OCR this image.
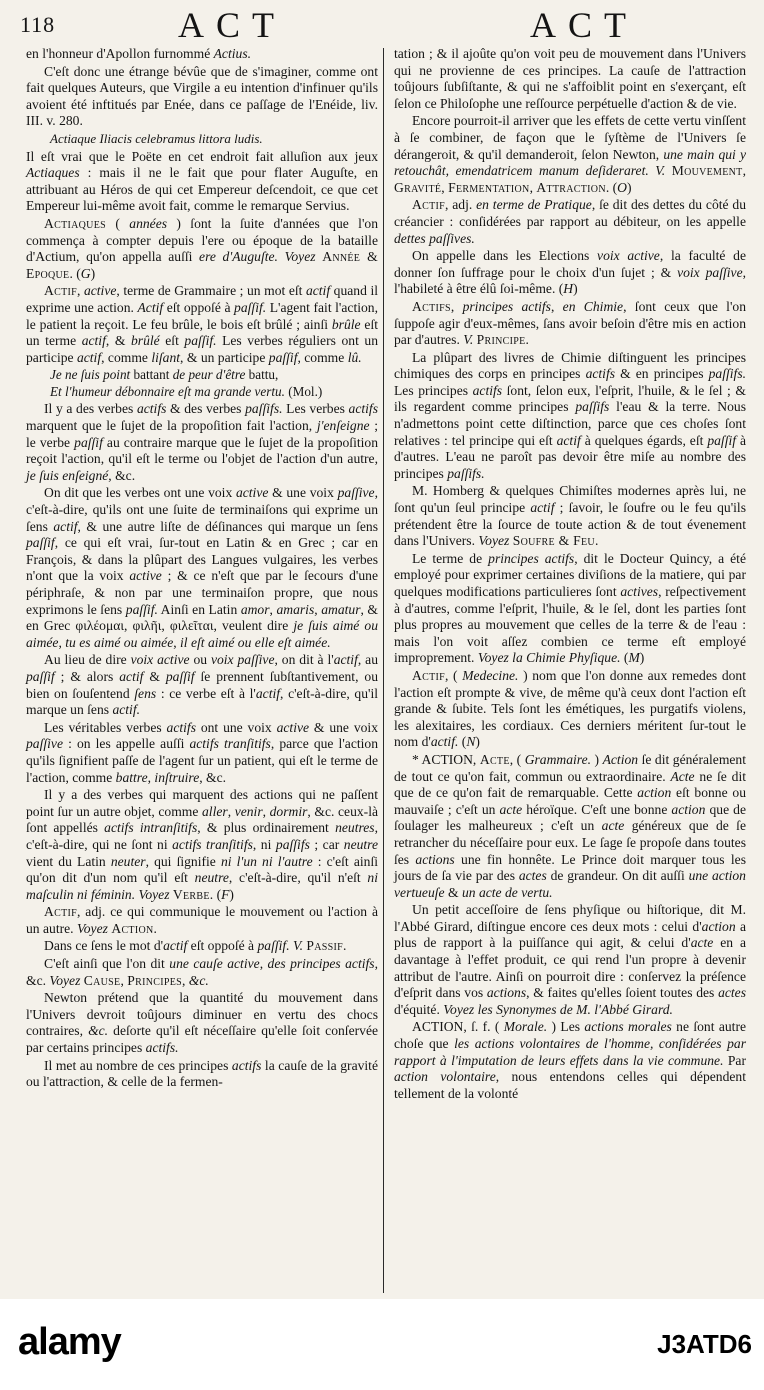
118	ACT	ACT

en l'honneur d'Apollon furnommé Actius.

C'eſt donc une étrange bévûe que de s'imaginer, comme ont fait quelques Auteurs, que Virgile a eu intention d'infinuer qu'ils avoient été inftitués par Enée, dans ce paſſage de l'Enéide, liv. III. v. 280.

Actiaque Iliacis celebramus littora ludis.

Il eſt vrai que le Poëte en cet endroit fait alluſion aux jeux Actiaques : mais il ne le fait que pour flater Auguſte, en attribuant au Héros de qui cet Empereur deſcendoit, ce que cet Empereur lui-même avoit fait, comme le remarque Servius.

Actiaques ( années ) ſont la ſuite d'années que l'on commença à compter depuis l'ere ou époque de la bataille d'Actium, qu'on appella auſſi ere d'Auguſte. Voyez Année & Epoque. (G)

Actif, active, terme de Grammaire ; un mot eſt actif quand il exprime une action. Actif eſt oppoſé à paſſif. L'agent fait l'action, le patient la reçoit. Le feu brûle, le bois eſt brûlé ; ainſi brûle eſt un terme actif, & brûlé eſt paſſif. Les verbes réguliers ont un participe actif, comme liſant, & un participe paſſif, comme lû.

Je ne ſuis point battant de peur d'être battu,
Et l'humeur débonnaire eſt ma grande vertu. (Mol.)

Il y a des verbes actifs & des verbes paſſifs. Les verbes actifs marquent que le ſujet de la propoſition fait l'action, j'enſeigne ; le verbe paſſif au contraire marque que le ſujet de la propoſition reçoit l'action, qu'il eſt le terme ou l'objet de l'action d'un autre, je ſuis enſeigné, &c.

On dit que les verbes ont une voix active & une voix paſſive, c'eſt-à-dire, qu'ils ont une ſuite de terminaiſons qui exprime un ſens actif, & une autre liſte de déſinances qui marque un ſens paſſif, ce qui eſt vrai, ſur-tout en Latin & en Grec ; car en François, & dans la plûpart des Langues vulgaires, les verbes n'ont que la voix active ; & ce n'eſt que par le ſecours d'une périphraſe, & non par une terminaiſon propre, que nous exprimons le ſens paſſif. Ainſi en Latin amor, amaris, amatur, & en Grec φιλέομαι, φιλῆι, φιλεῖται, veulent dire je ſuis aimé ou aimée, tu es aimé ou aimée, il eſt aimé ou elle eſt aimée.

Au lieu de dire voix active ou voix paſſive, on dit à l'actif, au paſſif ; & alors actif & paſſif ſe prennent ſubſtantivement, ou bien on ſouſentend ſens : ce verbe eſt à l'actif, c'eſt-à-dire, qu'il marque un ſens actif.

Les véritables verbes actifs ont une voix active & une voix paſſive : on les appelle auſſi actifs tranſitifs, parce que l'action qu'ils ſignifient paſſe de l'agent ſur un patient, qui eſt le terme de l'action, comme battre, inſtruire, &c.

Il y a des verbes qui marquent des actions qui ne paſſent point ſur un autre objet, comme aller, venir, dormir, &c. ceux-là ſont appellés actifs intranſitifs, & plus ordinairement neutres, c'eſt-à-dire, qui ne ſont ni actifs tranſitifs, ni paſſifs ; car neutre vient du Latin neuter, qui ſignifie ni l'un ni l'autre : c'eſt ainſi qu'on dit d'un nom qu'il eſt neutre, c'eſt-à-dire, qu'il n'eſt ni maſculin ni féminin. Voyez Verbe. (F)

Actif, adj. ce qui communique le mouvement ou l'action à un autre. Voyez Action.

Dans ce ſens le mot d'actif eſt oppoſé à paſſif. V. Passif.

C'eſt ainſi que l'on dit une cauſe active, des principes actifs, &c. Voyez Cause, Principes, &c.

Newton prétend que la quantité du mouvement dans l'Univers devroit toûjours diminuer en vertu des chocs contraires, &c. deſorte qu'il eſt néceſſaire qu'elle ſoit conſervée par certains principes actifs.

Il met au nombre de ces principes actifs la cauſe de la gravité ou l'attraction, & celle de la fermen-

tation ; & il ajoûte qu'on voit peu de mouvement dans l'Univers qui ne provienne de ces principes. La cauſe de l'attraction toûjours ſubſiſtante, & qui ne s'affoiblit point en s'exerçant, eſt ſelon ce Philoſophe une reſſource perpétuelle d'action & de vie.

Encore pourroit-il arriver que les effets de cette vertu vinſſent à ſe combiner, de façon que le ſyſtème de l'Univers ſe dérangeroit, & qu'il demanderoit, ſelon Newton, une main qui y retouchât, emendatricem manum deſideraret. V. Mouvement, Gravité, Fermentation, Attraction. (O)

Actif, adj. en terme de Pratique, ſe dit des dettes du côté du créancier : conſidérées par rapport au débiteur, on les appelle dettes paſſives.

On appelle dans les Elections voix active, la faculté de donner ſon ſuffrage pour le choix d'un ſujet ; & voix paſſive, l'habileté à être élû ſoi-même. (H)

Actifs, principes actifs, en Chimie, ſont ceux que l'on ſuppoſe agir d'eux-mêmes, ſans avoir beſoin d'être mis en action par d'autres. V. Principe.

La plûpart des livres de Chimie diſtinguent les principes chimiques des corps en principes actifs & en principes paſſifs. Les principes actifs ſont, ſelon eux, l'eſprit, l'huile, & le ſel ; & ils regardent comme principes paſſifs l'eau & la terre. Nous n'admettons point cette diſtinction, parce que ces choſes ſont relatives : tel principe qui eſt actif à quelques égards, eſt paſſif à d'autres. L'eau ne paroît pas devoir être miſe au nombre des principes paſſifs.

M. Homberg & quelques Chimiſtes modernes après lui, ne ſont qu'un ſeul principe actif ; ſavoir, le ſoufre ou le feu qu'ils prétendent être la ſource de toute action & de tout évenement dans l'Univers. Voyez Soufre & Feu.

Le terme de principes actifs, dit le Docteur Quincy, a été employé pour exprimer certaines diviſions de la matiere, qui par quelques modifications particulieres ſont actives, reſpectivement à d'autres, comme l'eſprit, l'huile, & le ſel, dont les parties ſont plus propres au mouvement que celles de la terre & de l'eau : mais l'on voit aſſez combien ce terme eſt employé improprement. Voyez la Chimie Phyſique. (M)

Actif, ( Medecine. ) nom que l'on donne aux remedes dont l'action eſt prompte & vive, de même qu'à ceux dont l'action eſt grande & ſubite. Tels ſont les émétiques, les purgatifs violens, les alexitaires, les cordiaux. Ces derniers méritent ſur-tout le nom d'actif. (N)

* ACTION, Acte, ( Grammaire. ) Action ſe dit généralement de tout ce qu'on fait, commun ou extraordinaire. Acte ne ſe dit que de ce qu'on fait de remarquable. Cette action eſt bonne ou mauvaiſe ; c'eſt un acte héroïque. C'eſt une bonne action que de ſoulager les malheureux ; c'eſt un acte généreux que de ſe retrancher du néceſſaire pour eux. Le ſage ſe propoſe dans toutes ſes actions une fin honnête. Le Prince doit marquer tous les jours de ſa vie par des actes de grandeur. On dit auſſi une action vertueuſe & un acte de vertu.

Un petit acceſſoire de ſens phyſique ou hiſtorique, dit M. l'Abbé Girard, diſtingue encore ces deux mots : celui d'action a plus de rapport à la puiſſance qui agit, & celui d'acte en a davantage à l'effet produit, ce qui rend l'un propre à devenir attribut de l'autre. Ainſi on pourroit dire : conſervez la préſence d'eſprit dans vos actions, & faites qu'elles ſoient toutes des actes d'équité. Voyez les Synonymes de M. l'Abbé Girard.

ACTION, ſ. f. ( Morale. ) Les actions morales ne ſont autre choſe que les actions volontaires de l'homme, conſidérées par rapport à l'imputation de leurs effets dans la vie commune. Par action volontaire, nous entendons celles qui dépendent tellement de la volonté

alamy	J3ATD6
